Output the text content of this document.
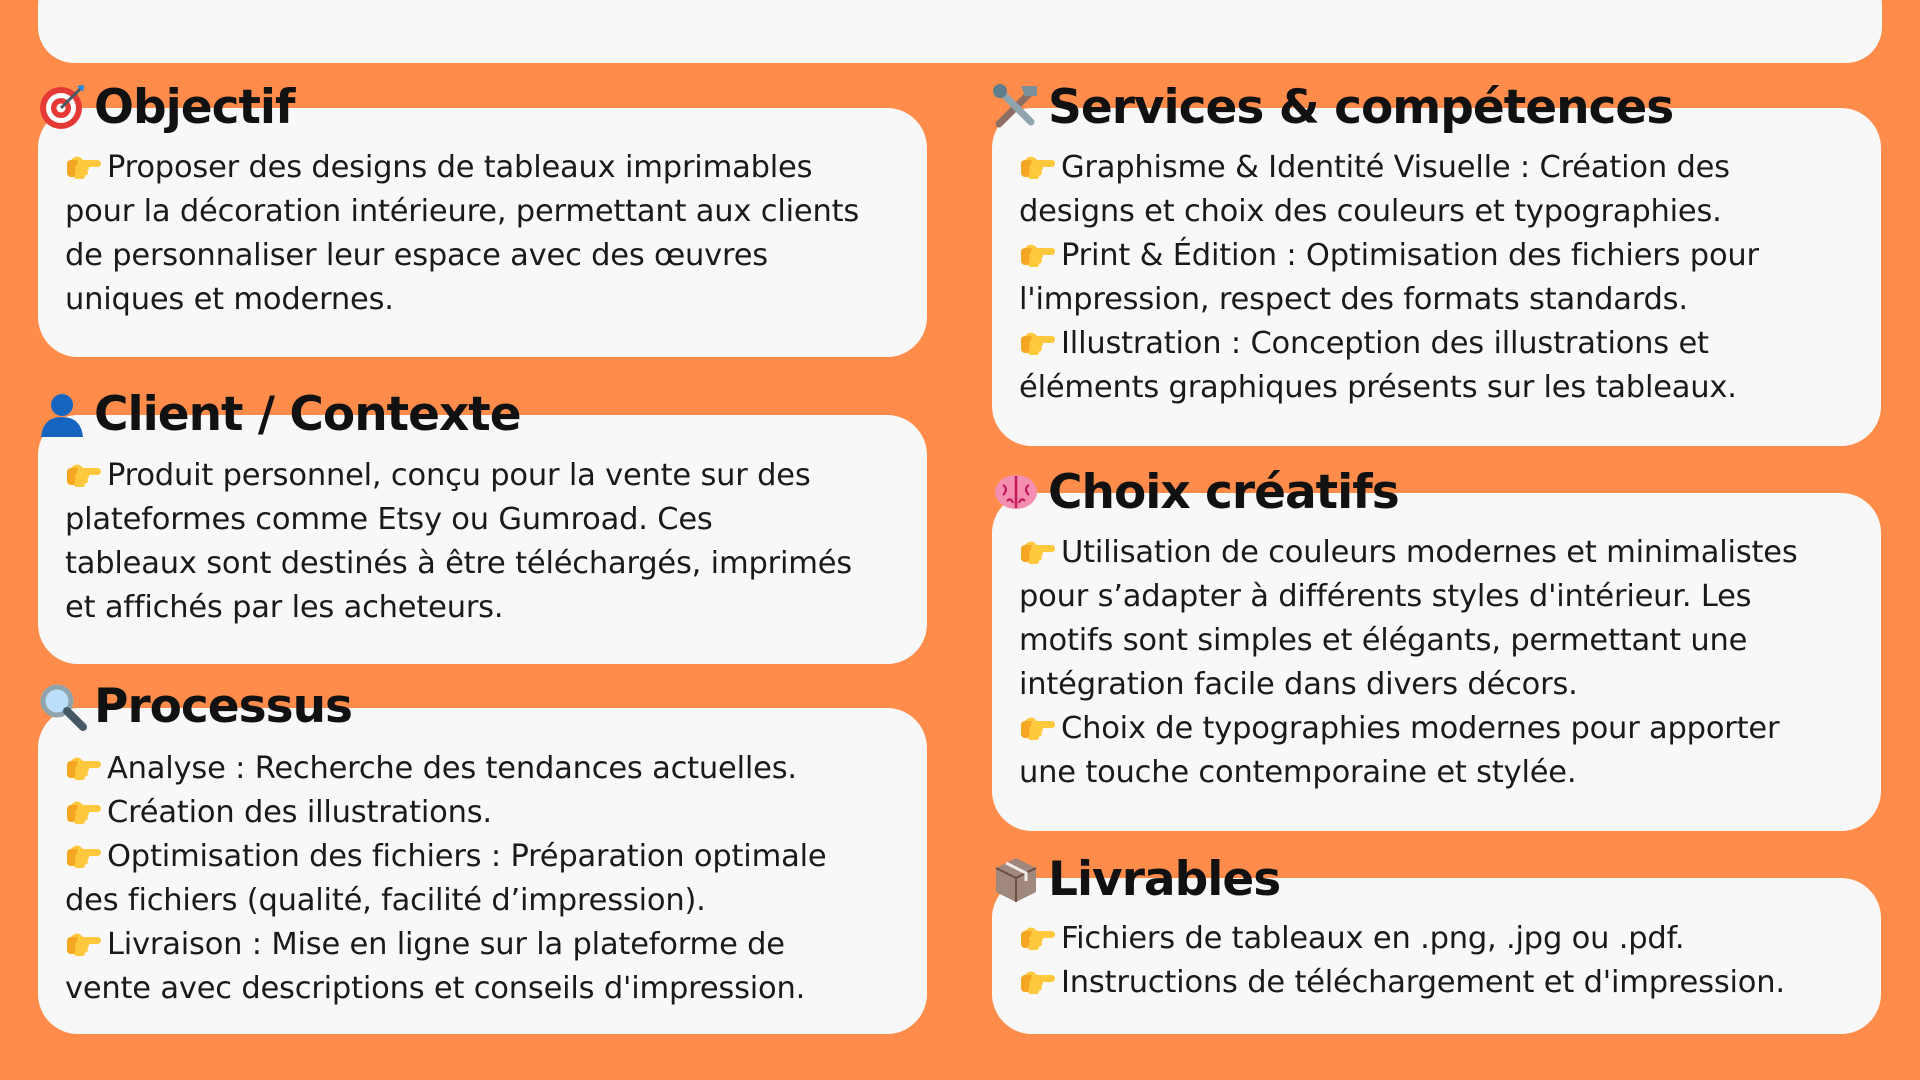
Objectif
Proposer des designs de tableaux imprimables
pour la décoration intérieure, permettant aux clients
de personnaliser leur espace avec des œuvres
uniques et modernes.
Client / Contexte
Produit personnel, conçu pour la vente sur des
plateformes comme Etsy ou Gumroad. Ces
tableaux sont destinés à être téléchargés, imprimés
et affichés par les acheteurs.
Processus
Analyse : Recherche des tendances actuelles.
Création des illustrations.
Optimisation des fichiers : Préparation optimale
des fichiers (qualité, facilité d’impression).
Livraison : Mise en ligne sur la plateforme de
vente avec descriptions et conseils d'impression.
Services & compétences
Graphisme & Identité Visuelle : Création des
designs et choix des couleurs et typographies.
Print & Édition : Optimisation des fichiers pour
l'impression, respect des formats standards.
Illustration : Conception des illustrations et
éléments graphiques présents sur les tableaux.
Choix créatifs
Utilisation de couleurs modernes et minimalistes
pour s’adapter à différents styles d'intérieur. Les
motifs sont simples et élégants, permettant une
intégration facile dans divers décors.
Choix de typographies modernes pour apporter
une touche contemporaine et stylée.
Livrables
Fichiers de tableaux en .png, .jpg ou .pdf.
Instructions de téléchargement et d'impression.
